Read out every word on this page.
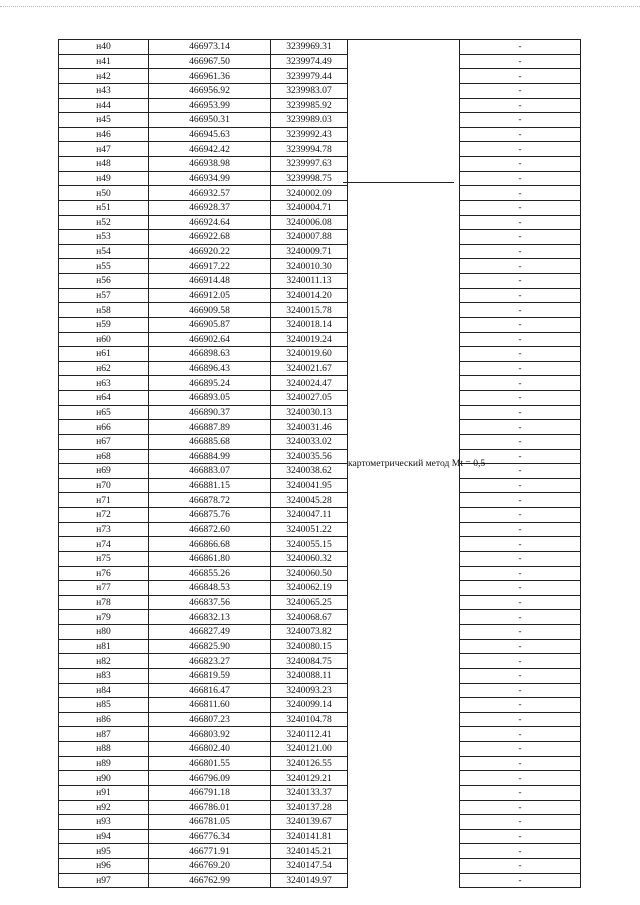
н40	466973.14	3239969.31	картометрический метод Mt = 0,5	-
н41	466967.50	3239974.49		-
н42	466961.36	3239979.44		-
н43	466956.92	3239983.07		-
н44	466953.99	3239985.92		-
н45	466950.31	3239989.03		-
н46	466945.63	3239992.43		-
н47	466942.42	3239994.78		-
н48	466938.98	3239997.63		-
н49	466934.99	3239998.75		-
н50	466932.57	3240002.09		-
н51	466928.37	3240004.71		-
н52	466924.64	3240006.08		-
н53	466922.68	3240007.88		-
н54	466920.22	3240009.71		-
н55	466917.22	3240010.30		-
н56	466914.48	3240011.13		-
н57	466912.05	3240014.20		-
н58	466909.58	3240015.78		-
н59	466905.87	3240018.14		-
н60	466902.64	3240019.24		-
н61	466898.63	3240019.60		-
н62	466896.43	3240021.67		-
н63	466895.24	3240024.47		-
н64	466893.05	3240027.05		-
н65	466890.37	3240030.13		-
н66	466887.89	3240031.46		-
н67	466885.68	3240033.02		-
н68	466884.99	3240035.56		-
н69	466883.07	3240038.62		-
н70	466881.15	3240041.95		-
н71	466878.72	3240045.28		-
н72	466875.76	3240047.11		-
н73	466872.60	3240051.22		-
н74	466866.68	3240055.15		-
н75	466861.80	3240060.32		-
н76	466855.26	3240060.50		-
н77	466848.53	3240062.19		-
н78	466837.56	3240065.25		-
н79	466832.13	3240068.67		-
н80	466827.49	3240073.82		-
н81	466825.90	3240080.15		-
н82	466823.27	3240084.75		-
н83	466819.59	3240088.11		-
н84	466816.47	3240093.23		-
н85	466811.60	3240099.14		-
н86	466807.23	3240104.78		-
н87	466803.92	3240112.41		-
н88	466802.40	3240121.00		-
н89	466801.55	3240126.55		-
н90	466796.09	3240129.21		-
н91	466791.18	3240133.37		-
н92	466786.01	3240137.28		-
н93	466781.05	3240139.67		-
н94	466776.34	3240141.81		-
н95	466771.91	3240145.21		-
н96	466769.20	3240147.54		-
н97	466762.99	3240149.97		-
